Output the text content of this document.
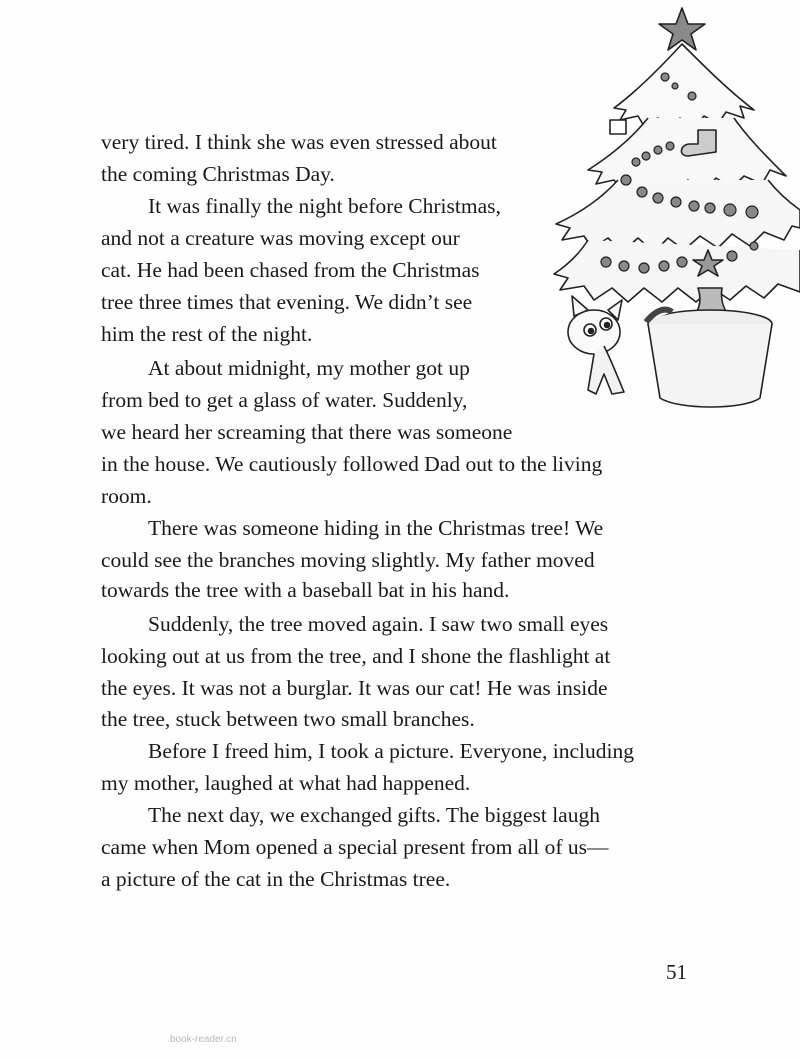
very tired. I think she was even stressed about
the coming Christmas Day.
It was finally the night before Christmas,
and not a creature was moving except our
cat. He had been chased from the Christmas
tree three times that evening. We didn’t see
him the rest of the night.
At about midnight, my mother got up
from bed to get a glass of water. Suddenly,
we heard her screaming that there was someone
in the house. We cautiously followed Dad out to the living
room.
There was someone hiding in the Christmas tree! We
could see the branches moving slightly. My father moved
towards the tree with a baseball bat in his hand.
Suddenly, the tree moved again. I saw two small eyes
looking out at us from the tree, and I shone the flashlight at
the eyes. It was not a burglar. It was our cat! He was inside
the tree, stuck between two small branches.
Before I freed him, I took a picture. Everyone, including
my mother, laughed at what had happened.
The next day, we exchanged gifts. The biggest laugh
came when Mom opened a special present from all of us—
a picture of the cat in the Christmas tree.
51
book-reader.cn
